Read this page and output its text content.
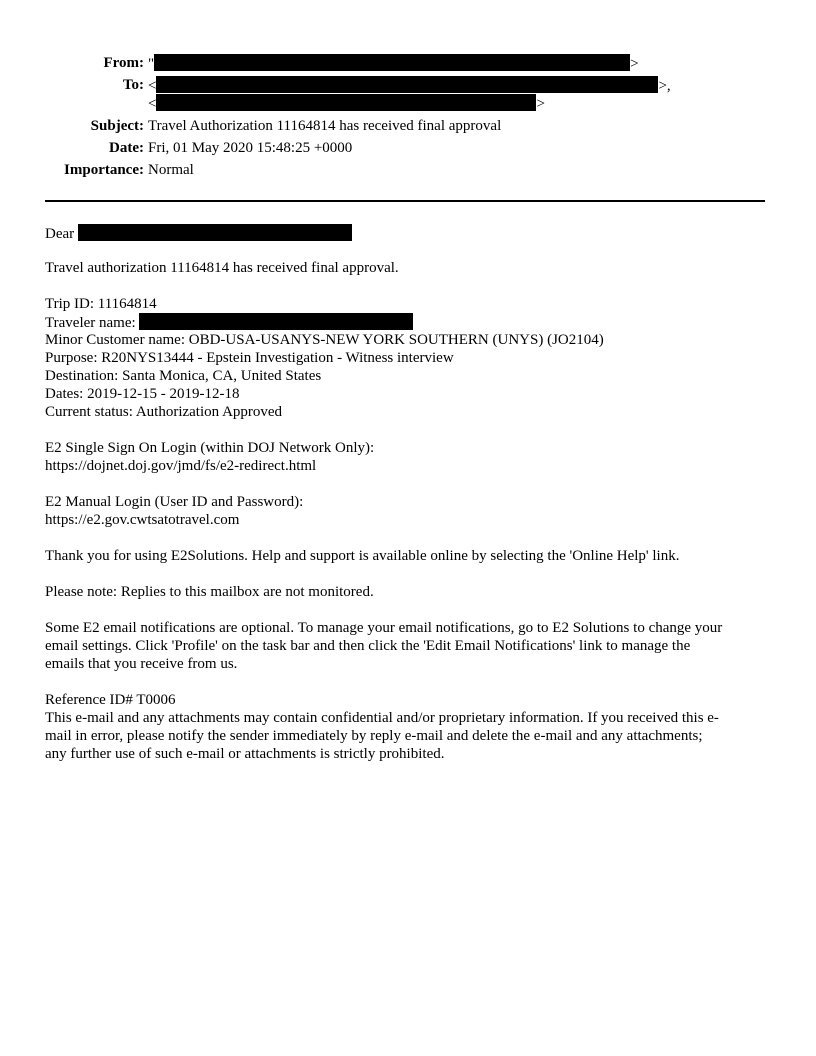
From: "	>
To: <	>,
<	>
Subject: Travel Authorization 11164814 has received final approval
Date: Fri, 01 May 2020 15:48:25 +0000
Importance: Normal
Dear
Travel authorization 11164814 has received final approval.
Trip ID: 11164814
Traveler name:
Minor Customer name: OBD-USA-USANYS-NEW YORK SOUTHERN (UNYS) (JO2104)
Purpose: R20NYS13444 - Epstein Investigation - Witness interview
Destination: Santa Monica, CA, United States
Dates: 2019-12-15 - 2019-12-18
Current status: Authorization Approved
E2 Single Sign On Login (within DOJ Network Only):
https://dojnet.doj.gov/jmd/fs/e2-redirect.html
E2 Manual Login (User ID and Password):
https://e2.gov.cwtsatotravel.com
Thank you for using E2Solutions. Help and support is available online by selecting the 'Online Help' link.
Please note: Replies to this mailbox are not monitored.
Some E2 email notifications are optional. To manage your email notifications, go to E2 Solutions to change your
email settings. Click 'Profile' on the task bar and then click the 'Edit Email Notifications' link to manage the
emails that you receive from us.
Reference ID# T0006
This e-mail and any attachments may contain confidential and/or proprietary information. If you received this e-
mail in error, please notify the sender immediately by reply e-mail and delete the e-mail and any attachments;
any further use of such e-mail or attachments is strictly prohibited.
